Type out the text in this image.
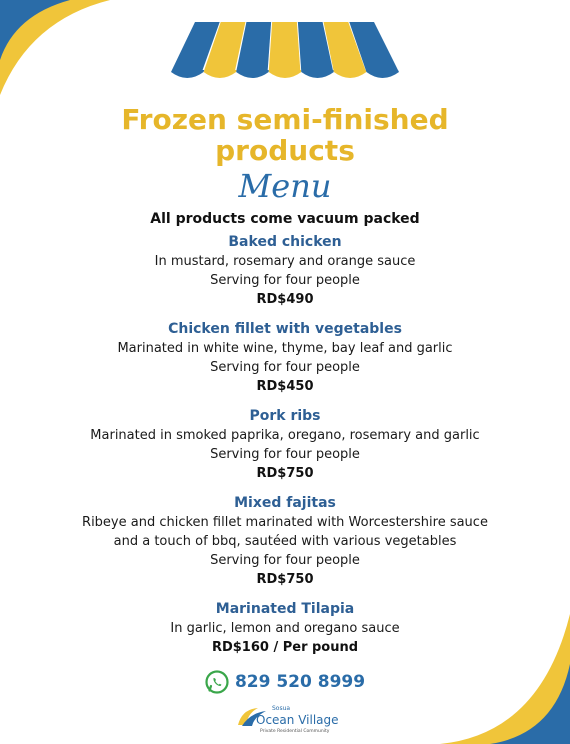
Frozen semi-finished
products
Menu
All products come vacuum packed
Baked chicken
In mustard, rosemary and orange sauce
Serving for four people
RD$490
Chicken fillet with vegetables
Marinated in white wine, thyme, bay leaf and garlic
Serving for four people
RD$450
Pork ribs
Marinated in smoked paprika, oregano, rosemary and garlic
Serving for four people
RD$750
Mixed fajitas
Ribeye and chicken fillet marinated with Worcestershire sauce
and a touch of bbq, sautéed with various vegetables
Serving for four people
RD$750
Marinated Tilapia
In garlic, lemon and oregano sauce
RD$160 / Per pound
829 520 8999
Sosua
Ocean Village
Private Residential Community
